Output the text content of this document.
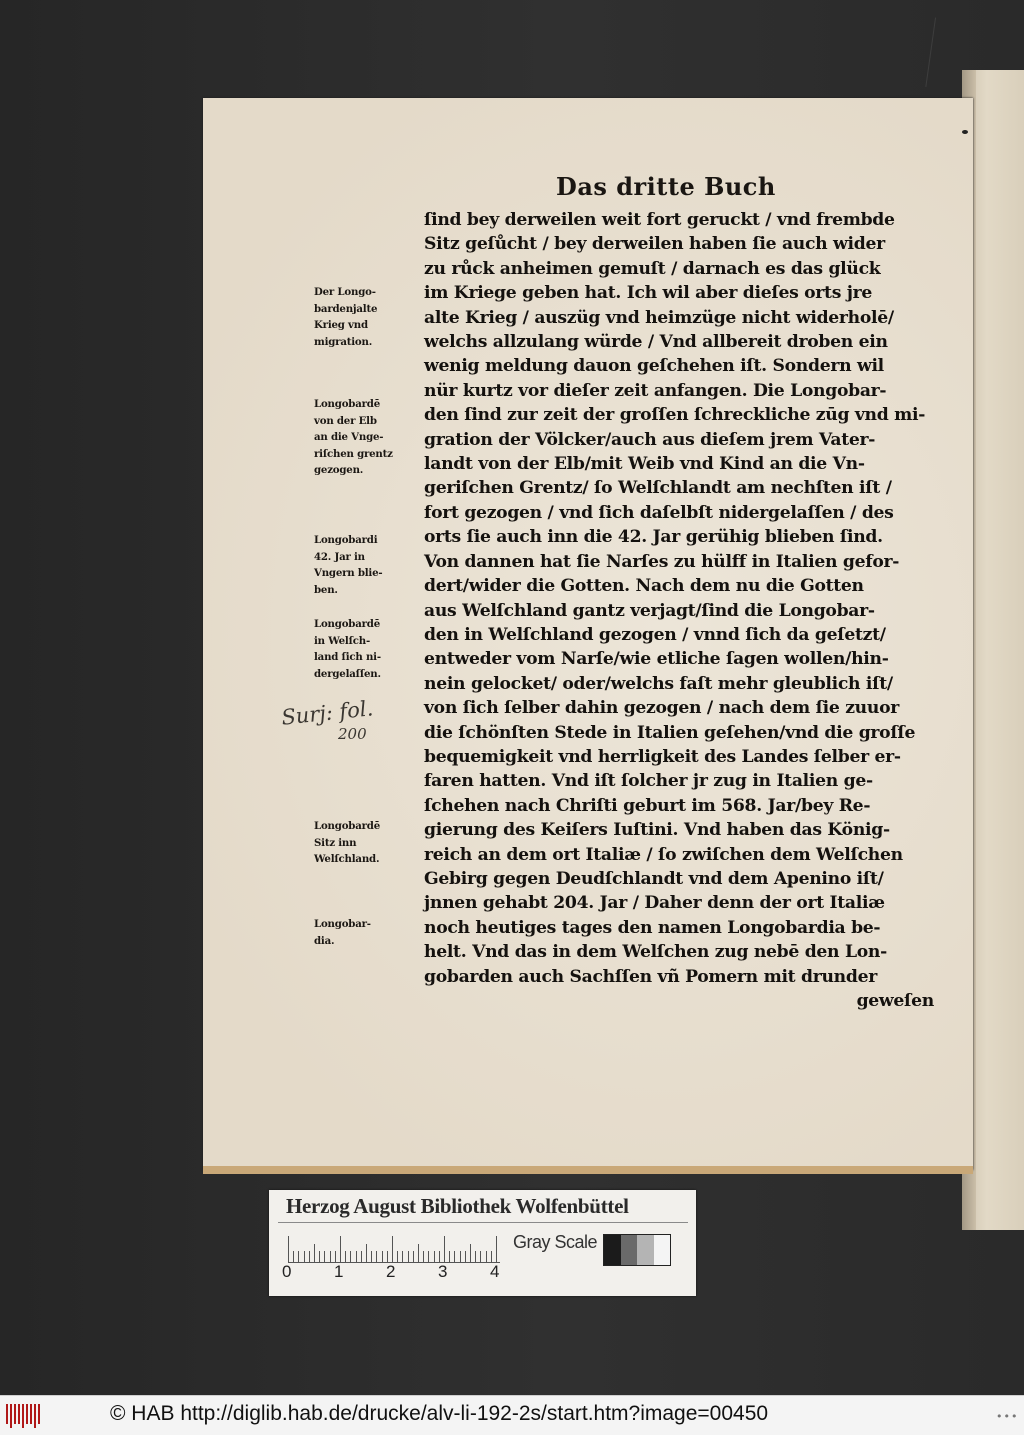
Das dritte Buch
ſind bey derweilen weit fort geruckt / vnd frembde
Sitz geſůcht / bey derweilen haben ſie auch wider
zu růck anheimen gemuſt / darnach es das glück
im Kriege geben hat. Ich wil aber dieſes orts jre
alte Krieg / auszüg vnd heimzüge nicht widerholē/
welchs allzulang würde / Vnd allbereit droben ein
wenig meldung dauon geſchehen iſt. Sondern wil
nür kurtz vor dieſer zeit anfangen. Die Longobar-
den ſind zur zeit der groſſen ſchreckliche zūg vnd mi-
gration der Völcker/auch aus dieſem jrem Vater-
landt von der Elb/mit Weib vnd Kind an die Vn-
geriſchen Grentz/ ſo Welſchlandt am nechſten iſt /
fort gezogen / vnd ſich daſelbſt nidergelaſſen / des
orts ſie auch inn die 42. Jar gerühig blieben ſind.
Von dannen hat ſie Narſes zu hülff in Italien gefor-
dert/wider die Gotten. Nach dem nu die Gotten
aus Welſchland gantz verjagt/ſind die Longobar-
den in Welſchland gezogen / vnnd ſich da geſetzt/
entweder vom Narſe/wie etliche ſagen wollen/hin-
nein gelocket/ oder/welchs faſt mehr gleublich iſt/
von ſich ſelber dahin gezogen / nach dem ſie zuuor
die ſchönſten Stede in Italien geſehen/vnd die groſſe
bequemigkeit vnd herrligkeit des Landes ſelber er-
faren hatten. Vnd iſt ſolcher jr zug in Italien ge-
ſchehen nach Chriſti geburt im 568. Jar/bey Re-
gierung des Keiſers Iuſtini. Vnd haben das König-
reich an dem ort Italiæ / ſo zwiſchen dem Welſchen
Gebirg gegen Deudſchlandt vnd dem Apenino iſt/
jnnen gehabt 204. Jar / Daher denn der ort Italiæ
noch heutiges tages den namen Longobardia be-
helt. Vnd das in dem Welſchen zug nebē den Lon-
gobarden auch Sachſſen vñ Pomern mit drunder
geweſen
Der Longo-
bardenjalte
Krieg vnd
migration.
Longobardē
von der Elb
an die Vnge-
riſchen grentz
gezogen.
Longobardi
42. Jar in
Vngern blie-
ben.
Longobardē
in Welſch-
land ſich ni-
dergelaſſen.
Longobardē
Sitz inn
Welſchland.
Longobar-
dia.
Surj: fol.
200
Herzog August Bibliothek Wolfenbüttel
0	1	2	3	4
Gray Scale
© HAB http://diglib.hab.de/drucke/alv-li-192-2s/start.htm?image=00450	•••
